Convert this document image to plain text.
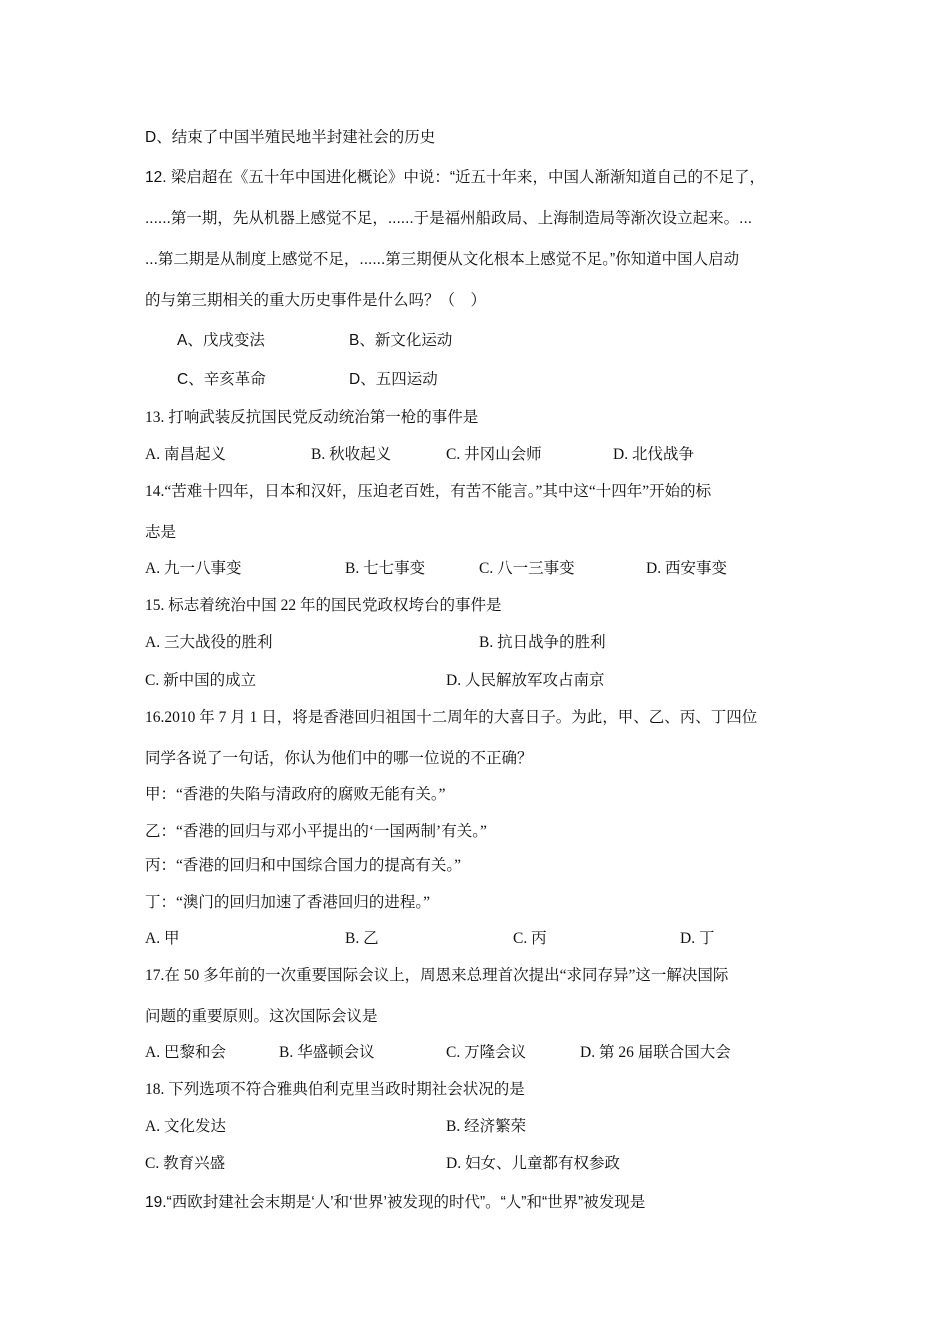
D、结束了中国半殖民地半封建社会的历史
12. 梁启超在《五十年中国进化概论》中说：“近五十年来，中国人渐渐知道自己的不足了，
......第一期，先从机器上感觉不足，......于是福州船政局、上海制造局等渐次设立起来。...
...第二期是从制度上感觉不足，......第三期便从文化根本上感觉不足。”你知道中国人启动
的与第三期相关的重大历史事件是什么吗？（　）
A、戊戌变法	B、新文化运动
C、辛亥革命	D、五四运动
13. 打响武装反抗国民党反动统治第一枪的事件是
A. 南昌起义	B. 秋收起义	C. 井冈山会师	D. 北伐战争
14.“苦难十四年，日本和汉奸，压迫老百姓，有苦不能言。”其中这“十四年”开始的标
志是
A. 九一八事变	B. 七七事变	C. 八一三事变	D. 西安事变
15. 标志着统治中国 22 年的国民党政权垮台的事件是
A. 三大战役的胜利	B. 抗日战争的胜利
C. 新中国的成立	D. 人民解放军攻占南京
16.2010 年 7 月 1 日，将是香港回归祖国十二周年的大喜日子。为此，甲、乙、丙、丁四位
同学各说了一句话，你认为他们中的哪一位说的不正确？
甲：“香港的失陷与清政府的腐败无能有关。”
乙：“香港的回归与邓小平提出的‘一国两制’有关。”
丙：“香港的回归和中国综合国力的提高有关。”
丁：“澳门的回归加速了香港回归的进程。”
A. 甲	B. 乙	C. 丙	D. 丁
17.在 50 多年前的一次重要国际会议上，周恩来总理首次提出“求同存异”这一解决国际
问题的重要原则。这次国际会议是
A. 巴黎和会	B. 华盛顿会议	C. 万隆会议	D. 第 26 届联合国大会
18. 下列选项不符合雅典伯利克里当政时期社会状况的是
A. 文化发达	B. 经济繁荣
C. 教育兴盛	D. 妇女、儿童都有权参政
19.“西欧封建社会末期是‘人’和‘世界’被发现的时代”。“人”和“世界”被发现是
